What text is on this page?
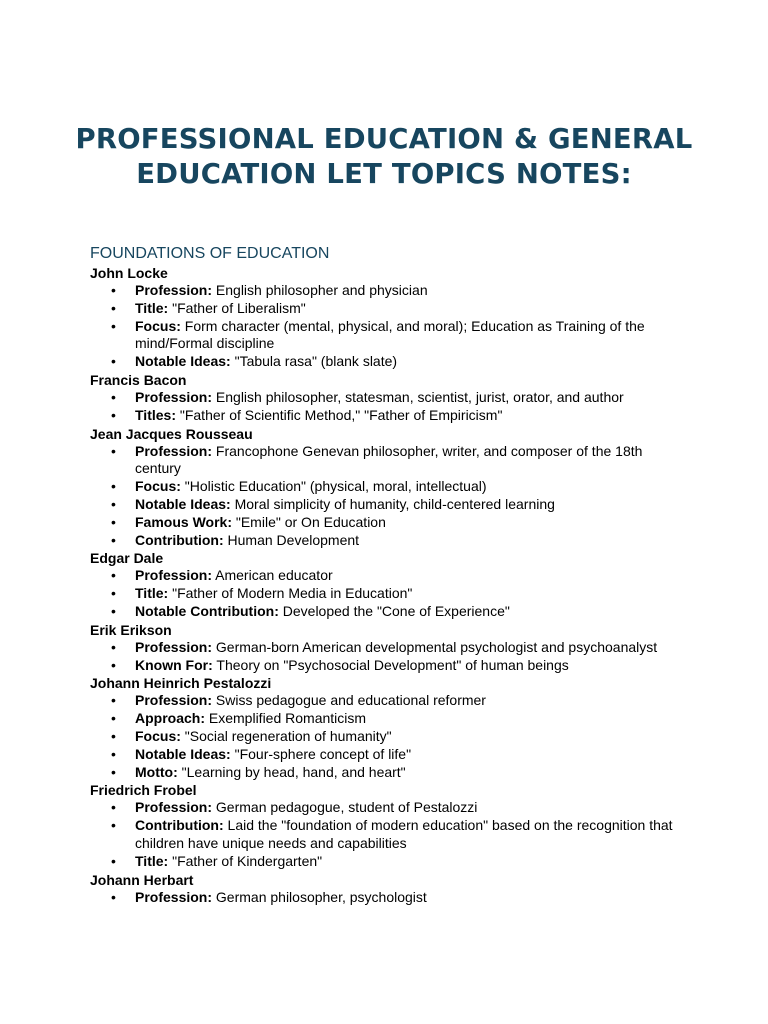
PROFESSIONAL EDUCATION & GENERAL EDUCATION LET TOPICS NOTES:
FOUNDATIONS OF EDUCATION
John Locke
• Profession: English philosopher and physician
• Title: "Father of Liberalism"
• Focus: Form character (mental, physical, and moral); Education as Training of the mind/Formal discipline
• Notable Ideas: "Tabula rasa" (blank slate)
Francis Bacon
• Profession: English philosopher, statesman, scientist, jurist, orator, and author
• Titles: "Father of Scientific Method," "Father of Empiricism"
Jean Jacques Rousseau
• Profession: Francophone Genevan philosopher, writer, and composer of the 18th century
• Focus: "Holistic Education" (physical, moral, intellectual)
• Notable Ideas: Moral simplicity of humanity, child-centered learning
• Famous Work: "Emile" or On Education
• Contribution: Human Development
Edgar Dale
• Profession: American educator
• Title: "Father of Modern Media in Education"
• Notable Contribution: Developed the "Cone of Experience"
Erik Erikson
• Profession: German-born American developmental psychologist and psychoanalyst
• Known For: Theory on "Psychosocial Development" of human beings
Johann Heinrich Pestalozzi
• Profession: Swiss pedagogue and educational reformer
• Approach: Exemplified Romanticism
• Focus: "Social regeneration of humanity"
• Notable Ideas: "Four-sphere concept of life"
• Motto: "Learning by head, hand, and heart"
Friedrich Frobel
• Profession: German pedagogue, student of Pestalozzi
• Contribution: Laid the "foundation of modern education" based on the recognition that children have unique needs and capabilities
• Title: "Father of Kindergarten"
Johann Herbart
• Profession: German philosopher, psychologist
